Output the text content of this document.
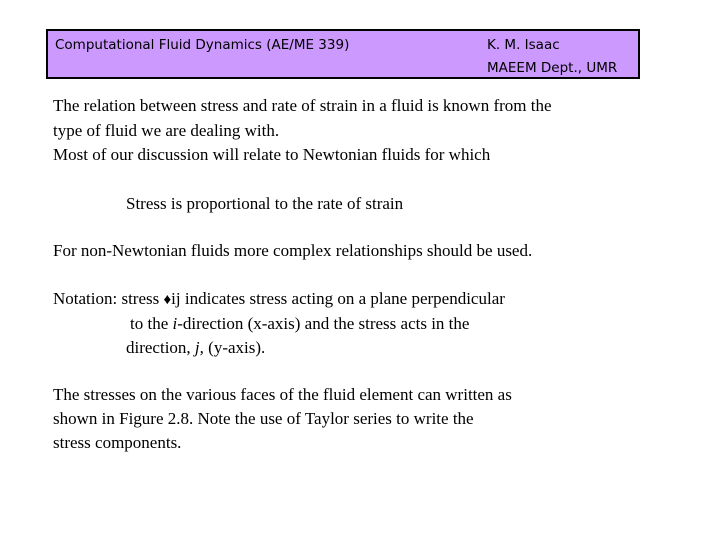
Computational Fluid Dynamics (AE/ME 339)	K. M. Isaac
MAEEM Dept., UMR
The relation between stress and rate of strain in a fluid is known from the
type of fluid we are dealing with.
Most of our discussion will relate to Newtonian fluids for which
Stress is proportional to the rate of strain
For non-Newtonian fluids more complex relationships should be used.
Notation: stress ♦ij indicates stress acting on a plane perpendicular
to the i-direction (x-axis) and the stress acts in the
direction, j, (y-axis).
The stresses on the various faces of the fluid element can written as
shown in Figure 2.8. Note the use of Taylor series to write the
stress components.
